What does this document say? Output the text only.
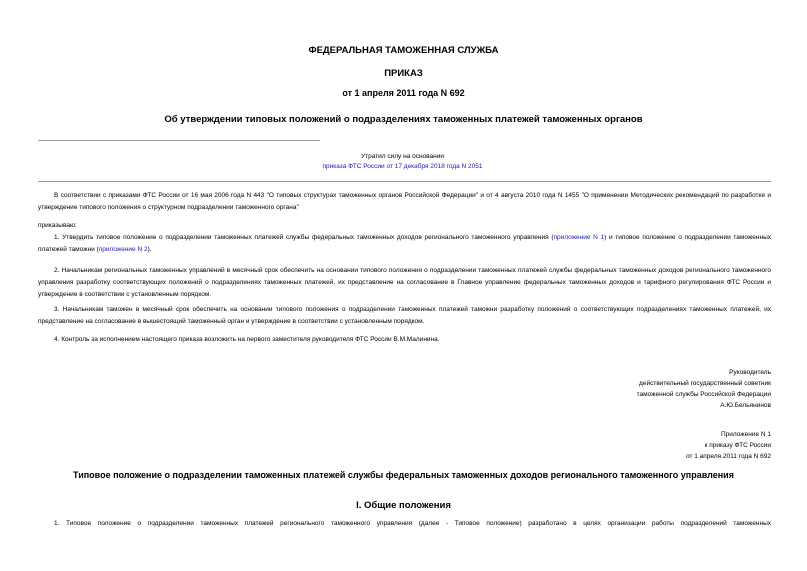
ФЕДЕРАЛЬНАЯ ТАМОЖЕННАЯ СЛУЖБА
ПРИКАЗ
от 1 апреля 2011 года N 692
Об утверждении типовых положений о подразделениях таможенных платежей таможенных органов
Утратил силу на основании
приказа ФТС России от 17 декабря 2018 года N 2051
В соответствии с приказами ФТС России от 16 мая 2006 года N 443 "О типовых структурах таможенных органов Российской Федерации" и от 4 августа 2010 года N 1455 "О применении Методических рекомендаций по разработке и утверждение типового положения о структурном подразделении таможенного органа"
приказываю:
1. Утвердить типовое положение о подразделении таможенных платежей службы федеральных таможенных доходов регионального таможенного управления (приложение N 1) и типовое положение о подразделении таможенных платежей таможни (приложение N 2).
2. Начальникам региональных таможенных управлений в месячный срок обеспечить на основании типового положения о подразделении таможенных платежей службы федеральных таможенных доходов регионального таможенного управления разработку соответствующих положений о подразделениях таможенных платежей, их представление на согласование в Главное управление федеральных таможенных доходов и тарифного регулирования ФТС России и утверждение в соответствии с установленным порядком.
3. Начальникам таможен в месячный срок обеспечить на основании типового положения о подразделении таможенных платежей таможни разработку положений о соответствующих подразделениях таможенных платежей, их представление на согласование в вышестоящий таможенный орган и утверждение в соответствии с установленным порядком.
4. Контроль за исполнением настоящего приказа возложить на первого заместителя руководителя ФТС России В.М.Малинина.
Руководитель
действительный государственный советник
таможенной службы Российской Федерации
А.Ю.Бельянинов
Приложение N 1
к приказу ФТС России
от 1 апреля 2011 года N 692
Типовое положение о подразделении таможенных платежей службы федеральных таможенных доходов регионального таможенного управления
I. Общие положения
1. Типовое положение о подразделении таможенных платежей регионального таможенного управления (далее - Типовое положение) разработано в целях организации работы подразделений таможенных
